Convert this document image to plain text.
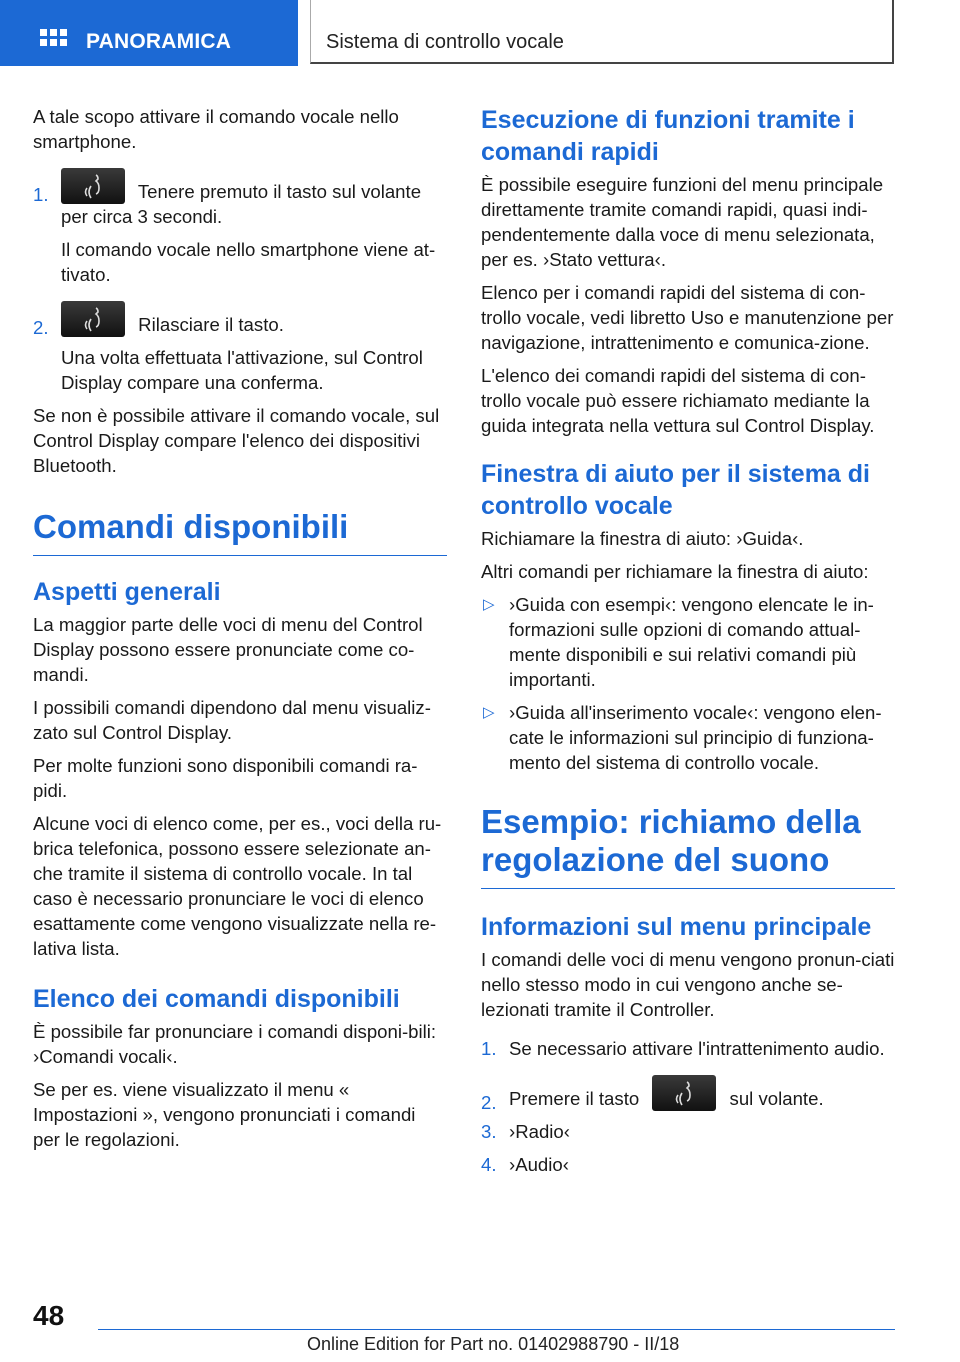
PANORAMICA	Sistema di controllo vocale

A tale scopo attivare il comando vocale nello smartphone.

1.	Tenere premuto il tasto sul volante per circa 3 secondi.

Il comando vocale nello smartphone viene at-tivato.

2.	Rilasciare il tasto.

Una volta effettuata l'attivazione, sul Control Display compare una conferma.

Se non è possibile attivare il comando vocale, sul Control Display compare l'elenco dei dispositivi Bluetooth.

Comandi disponibili
Aspetti generali

La maggior parte delle voci di menu del Control Display possono essere pronunciate come co-mandi.

I possibili comandi dipendono dal menu visualiz-zato sul Control Display.

Per molte funzioni sono disponibili comandi ra-pidi.

Alcune voci di elenco come, per es., voci della ru-brica telefonica, possono essere selezionate an-che tramite il sistema di controllo vocale. In tal caso è necessario pronunciare le voci di elenco esattamente come vengono visualizzate nella re-lativa lista.

Elenco dei comandi disponibili

È possibile far pronunciare i comandi disponi-bili: ›Comandi vocali‹.

Se per es. viene visualizzato il menu « Impostazioni », vengono pronunciati i comandi per le regolazioni.

Esecuzione di funzioni tramite i comandi rapidi

È possibile eseguire funzioni del menu principale direttamente tramite comandi rapidi, quasi indi-pendentemente dalla voce di menu selezionata, per es. ›Stato vettura‹.

Elenco per i comandi rapidi del sistema di con-trollo vocale, vedi libretto Uso e manutenzione per navigazione, intrattenimento e comunica-zione.

L'elenco dei comandi rapidi del sistema di con-trollo vocale può essere richiamato mediante la guida integrata nella vettura sul Control Display.

Finestra di aiuto per il sistema di controllo vocale

Richiamare la finestra di aiuto: ›Guida‹.

Altri comandi per richiamare la finestra di aiuto:

▷ ›Guida con esempi‹: vengono elencate le in-formazioni sulle opzioni di comando attual-mente disponibili e sui relativi comandi più importanti.

▷ ›Guida all'inserimento vocale‹: vengono elen-cate le informazioni sul principio di funziona-mento del sistema di controllo vocale.

Esempio: richiamo della regolazione del suono
Informazioni sul menu principale

I comandi delle voci di menu vengono pronun-ciati nello stesso modo in cui vengono anche se-lezionati tramite il Controller.

1. Se necessario attivare l'intrattenimento audio.

2. Premere il tasto	sul volante.

3. ›Radio‹

4. ›Audio‹

48
Online Edition for Part no. 01402988790 - II/18
